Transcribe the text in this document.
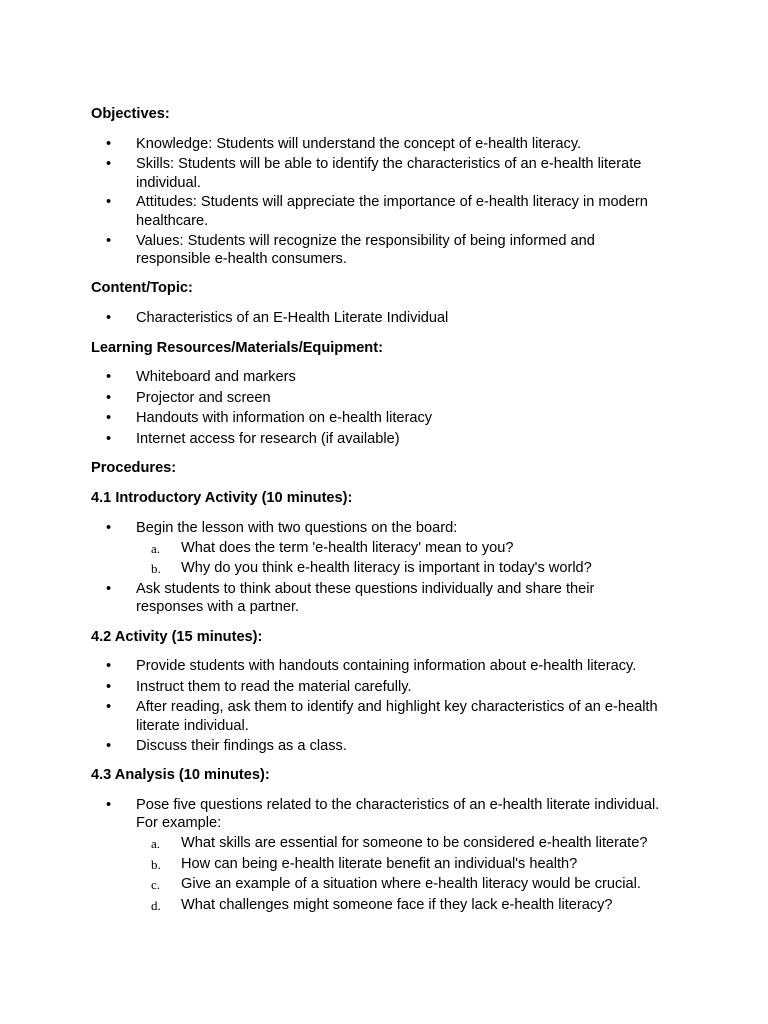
Objectives:

• Knowledge: Students will understand the concept of e-health literacy.
• Skills: Students will be able to identify the characteristics of an e-health literate
individual.
• Attitudes: Students will appreciate the importance of e-health literacy in modern
healthcare.
• Values: Students will recognize the responsibility of being informed and
responsible e-health consumers.

Content/Topic:

• Characteristics of an E-Health Literate Individual

Learning Resources/Materials/Equipment:

• Whiteboard and markers
• Projector and screen
• Handouts with information on e-health literacy
• Internet access for research (if available)

Procedures:

4.1 Introductory Activity (10 minutes):

• Begin the lesson with two questions on the board:
a. What does the term 'e-health literacy' mean to you?
b. Why do you think e-health literacy is important in today's world?
• Ask students to think about these questions individually and share their
responses with a partner.

4.2 Activity (15 minutes):

• Provide students with handouts containing information about e-health literacy.
• Instruct them to read the material carefully.
• After reading, ask them to identify and highlight key characteristics of an e-health
literate individual.
• Discuss their findings as a class.

4.3 Analysis (10 minutes):

• Pose five questions related to the characteristics of an e-health literate individual.
For example:
a. What skills are essential for someone to be considered e-health literate?
b. How can being e-health literate benefit an individual's health?
c. Give an example of a situation where e-health literacy would be crucial.
d. What challenges might someone face if they lack e-health literacy?
